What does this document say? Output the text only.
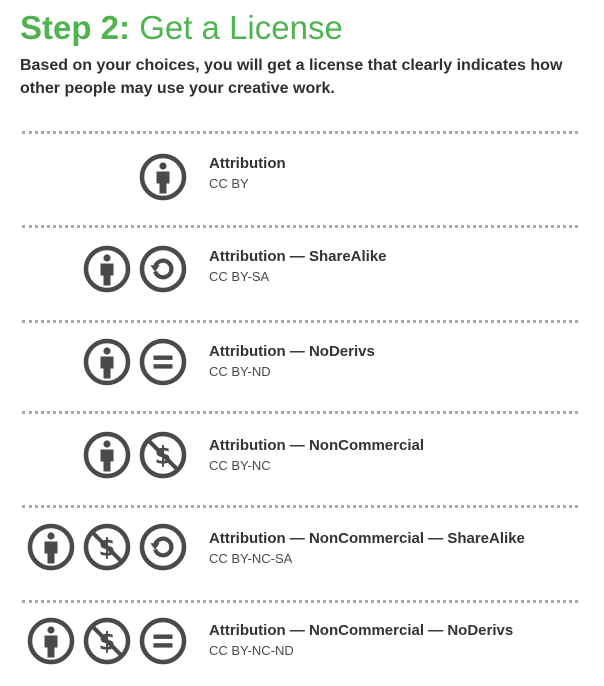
Step 2: Get a License

Based on your choices, you will get a license that clearly indicates how other people may use your creative work.

Attribution

CC BY

Attribution — ShareAlike

CC BY-SA

Attribution — NoDerivs

CC BY-ND

Attribution — NonCommercial

CC BY-NC

Attribution — NonCommercial — ShareAlike

CC BY-NC-SA

Attribution — NonCommercial — NoDerivs

CC BY-NC-ND
